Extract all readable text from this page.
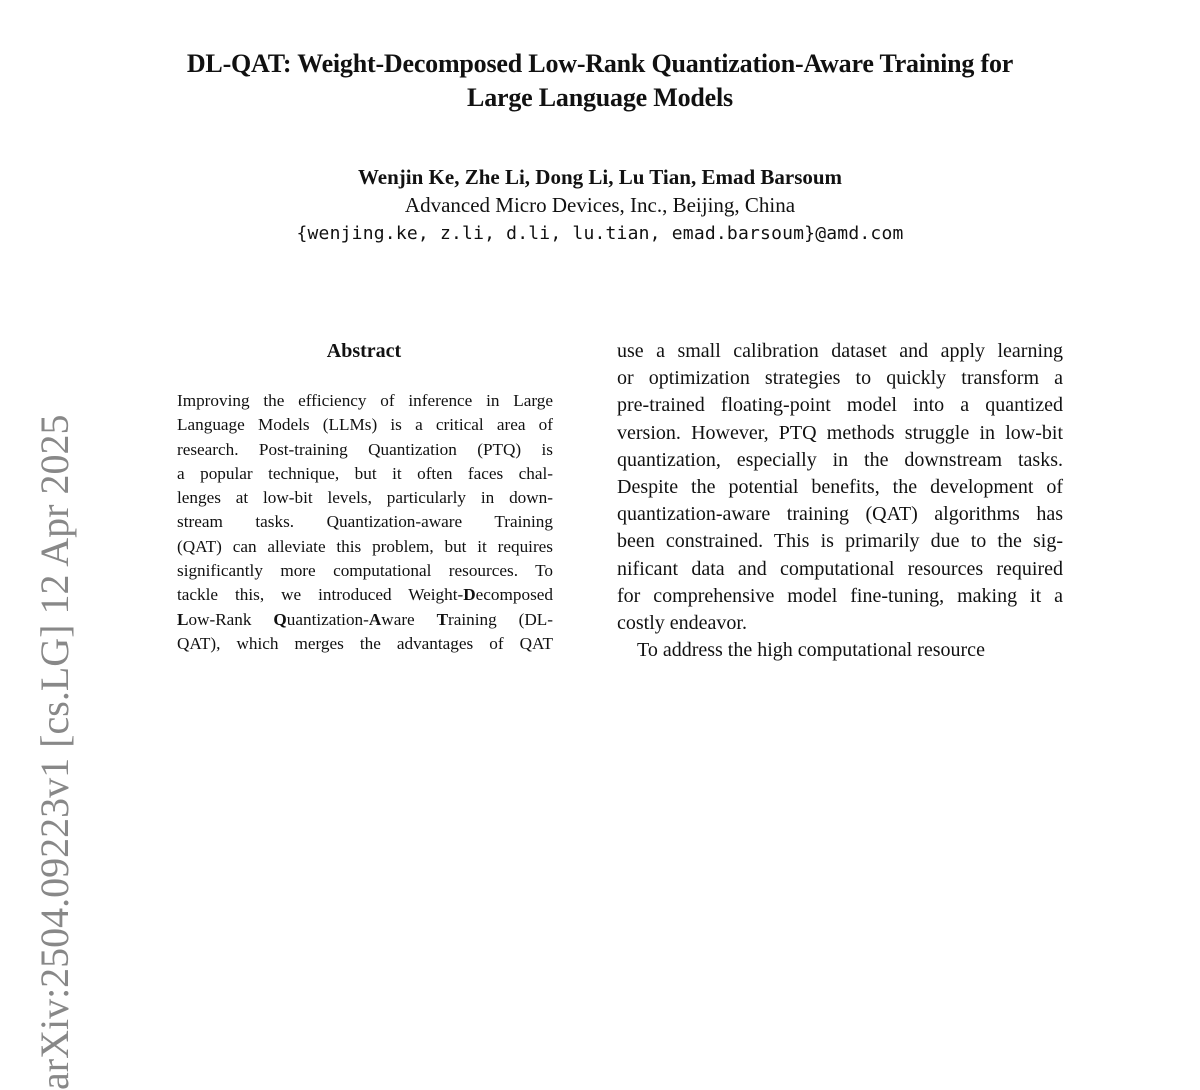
DL-QAT: Weight-Decomposed Low-Rank Quantization-Aware Training for
Large Language Models
Wenjin Ke, Zhe Li, Dong Li, Lu Tian, Emad Barsoum
Advanced Micro Devices, Inc., Beijing, China
{wenjing.ke, z.li, d.li, lu.tian, emad.barsoum}@amd.com
Abstract
Improving the efficiency of inference in Large
Language Models (LLMs) is a critical area of
research. Post-training Quantization (PTQ) is
a popular technique, but it often faces chal-
lenges at low-bit levels, particularly in down-
stream tasks. Quantization-aware Training
(QAT) can alleviate this problem, but it requires
significantly more computational resources. To
tackle this, we introduced Weight-Decomposed
Low-Rank Quantization-Aware Training (DL-
QAT), which merges the advantages of QAT
use a small calibration dataset and apply learning
or optimization strategies to quickly transform a
pre-trained floating-point model into a quantized
version. However, PTQ methods struggle in low-bit
quantization, especially in the downstream tasks.
Despite the potential benefits, the development of
quantization-aware training (QAT) algorithms has
been constrained. This is primarily due to the sig-
nificant data and computational resources required
for comprehensive model fine-tuning, making it a
costly endeavor.
To address the high computational resource
arXiv:2504.09223v1 [cs.LG] 12 Apr 2025
